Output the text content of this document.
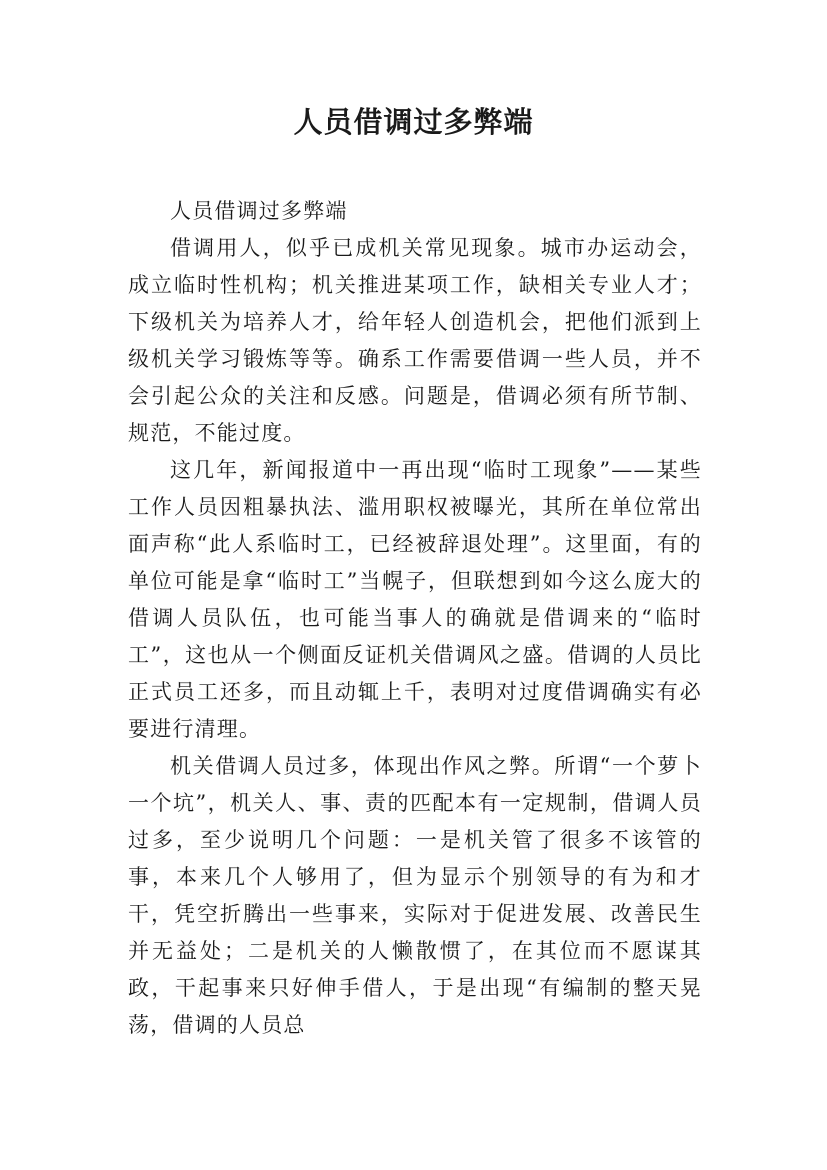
人员借调过多弊端

人员借调过多弊端

借调用人，似乎已成机关常见现象。城市办运动会，成立临时性机构；机关推进某项工作，缺相关专业人才；下级机关为培养人才，给年轻人创造机会，把他们派到上级机关学习锻炼等等。确系工作需要借调一些人员，并不会引起公众的关注和反感。问题是，借调必须有所节制、规范，不能过度。

这几年，新闻报道中一再出现“临时工现象”——某些工作人员因粗暴执法、滥用职权被曝光，其所在单位常出面声称“此人系临时工，已经被辞退处理”。这里面，有的单位可能是拿“临时工”当幌子，但联想到如今这么庞大的借调人员队伍，也可能当事人的确就是借调来的“临时工”，这也从一个侧面反证机关借调风之盛。借调的人员比正式员工还多，而且动辄上千，表明对过度借调确实有必要进行清理。

机关借调人员过多，体现出作风之弊。所谓“一个萝卜一个坑”，机关人、事、责的匹配本有一定规制，借调人员过多，至少说明几个问题：一是机关管了很多不该管的事，本来几个人够用了，但为显示个别领导的有为和才干，凭空折腾出一些事来，实际对于促进发展、改善民生并无益处；二是机关的人懒散惯了，在其位而不愿谋其政，干起事来只好伸手借人，于是出现“有编制的整天晃荡，借调的人员总
